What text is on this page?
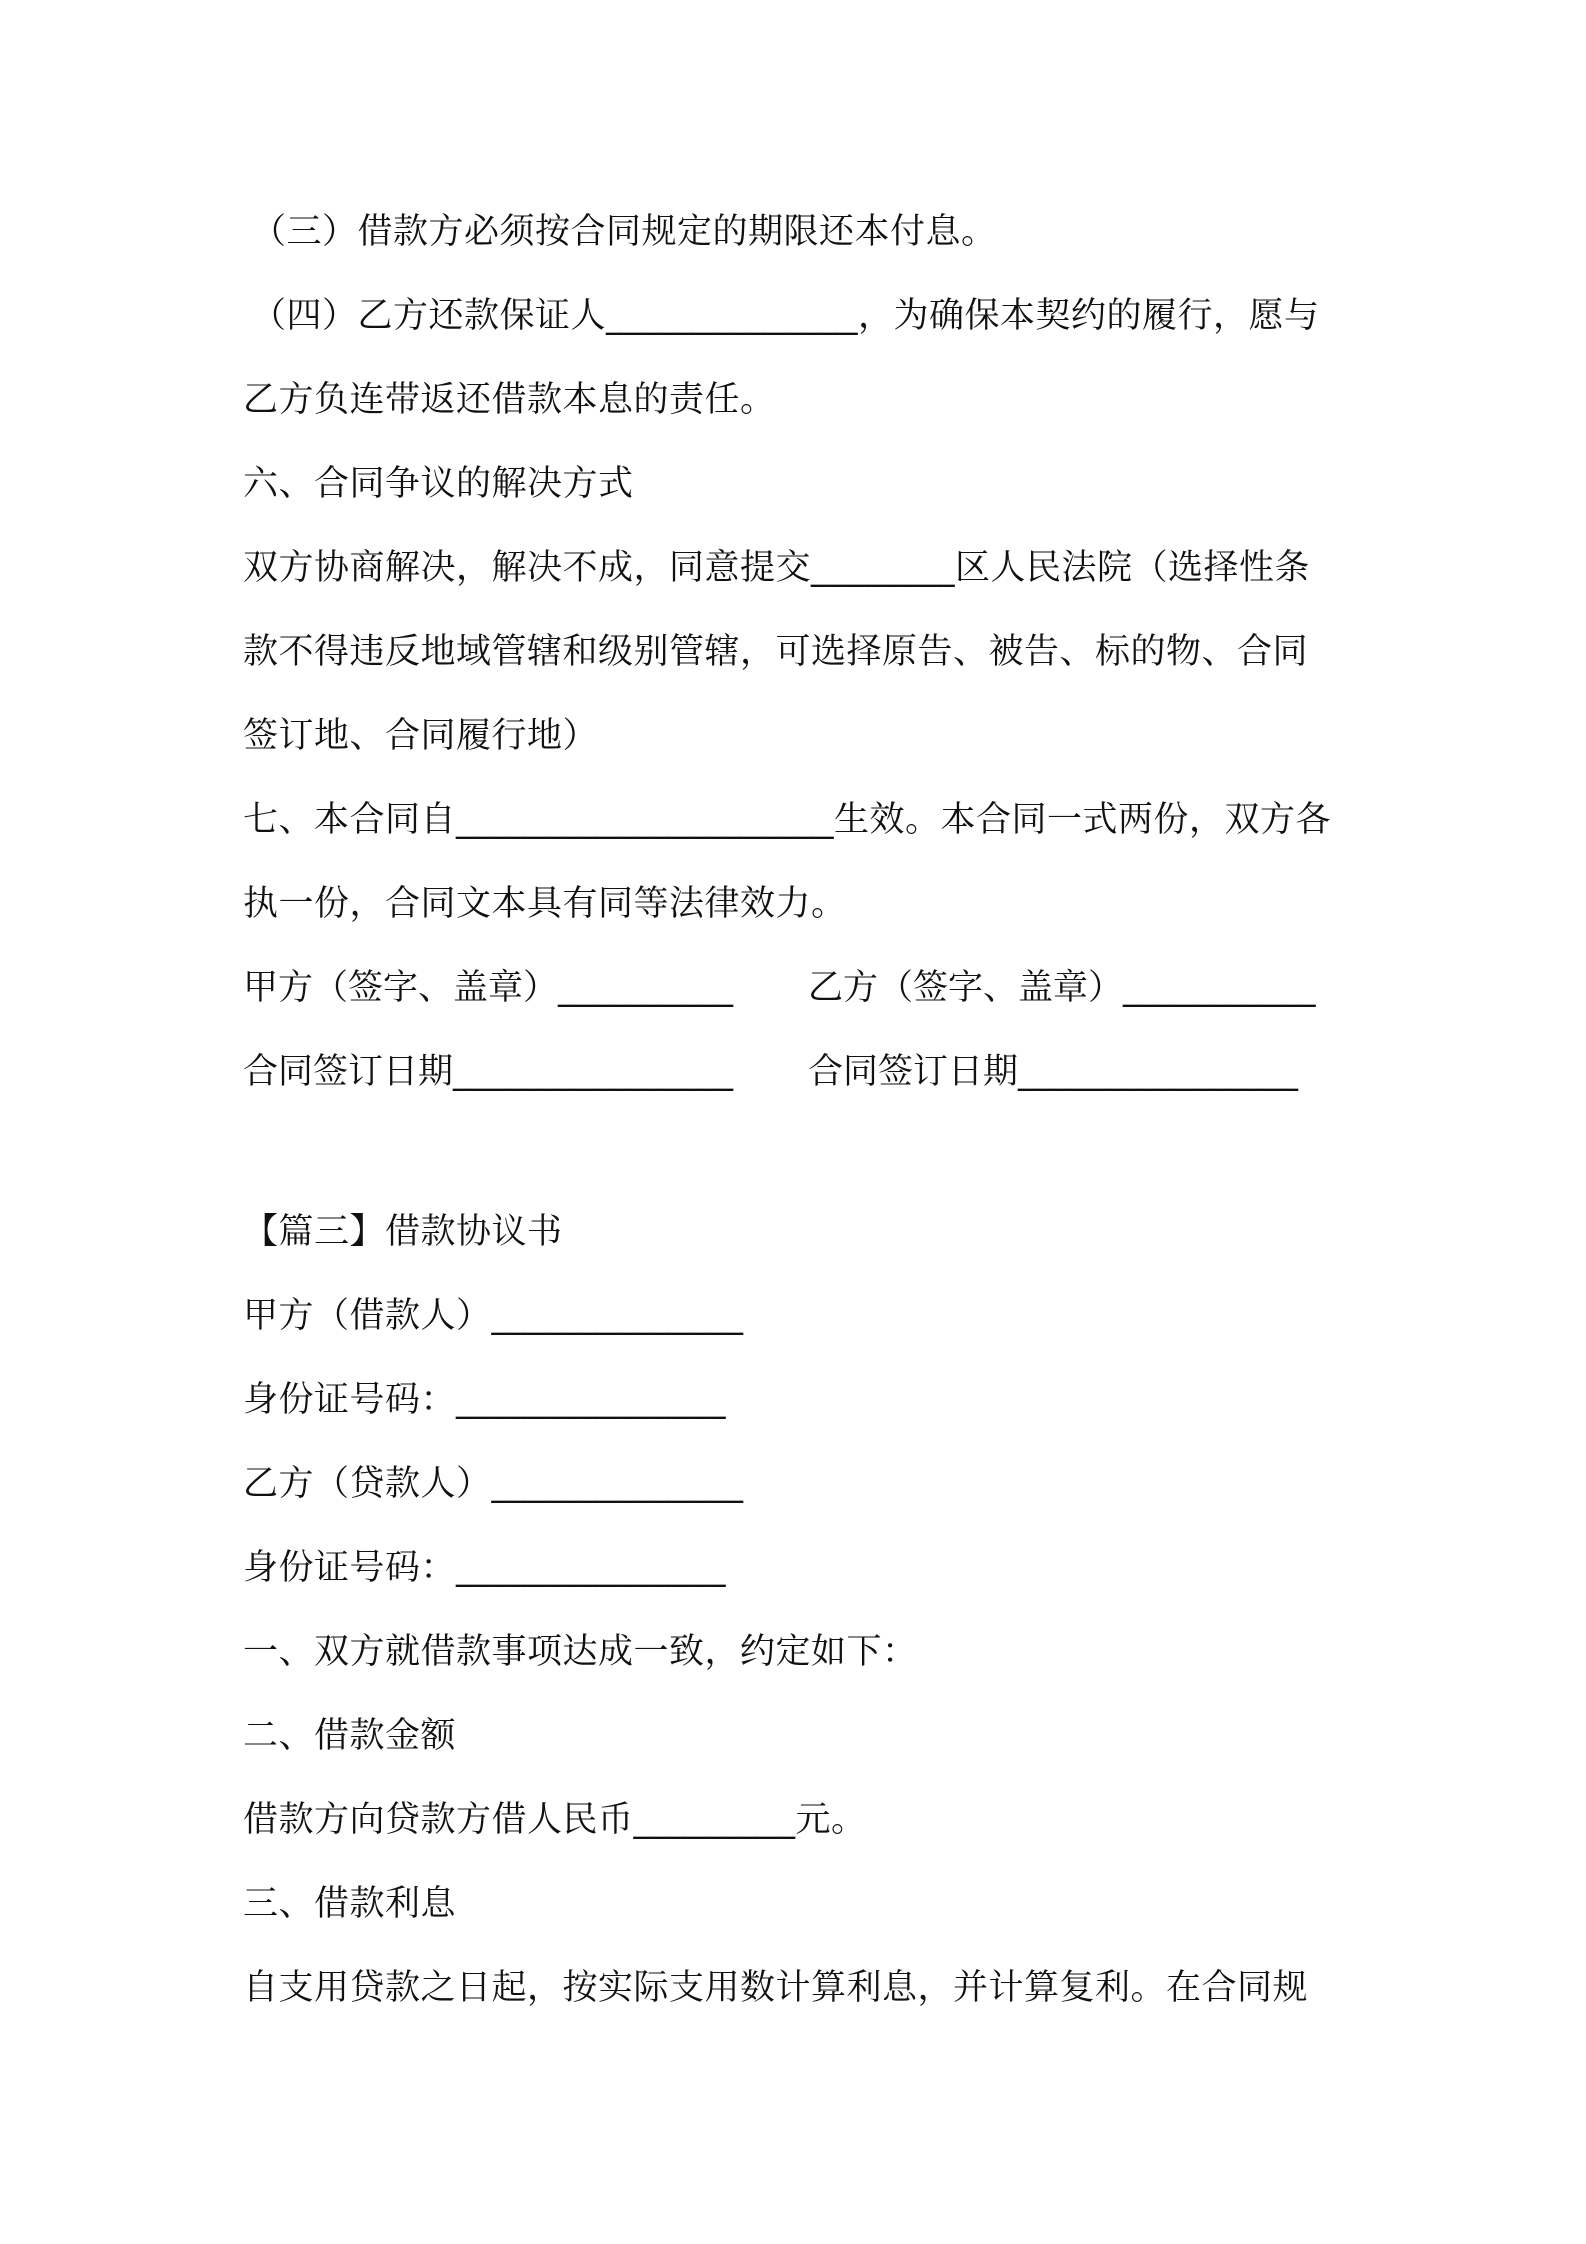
（三）借款方必须按合同规定的期限还本付息。

（四）乙方还款保证人______________，为确保本契约的履行，愿与

乙方负连带返还借款本息的责任。

六、合同争议的解决方式

双方协商解决，解决不成，同意提交________区人民法院（选择性条

款不得违反地域管辖和级别管辖，可选择原告、被告、标的物、合同

签订地、合同履行地）

七、本合同自_____________________生效。本合同一式两份，双方各

执一份，合同文本具有同等法律效力。

甲方（签字、盖章）__________ 乙方（签字、盖章）___________
合同签订日期________________ 合同签订日期________________

【篇三】借款协议书

甲方（借款人）______________

身份证号码：_______________

乙方（贷款人）______________

身份证号码：_______________

一、双方就借款事项达成一致，约定如下：

二、借款金额

借款方向贷款方借人民币_________元。

三、借款利息

自支用贷款之日起，按实际支用数计算利息，并计算复利。在合同规
